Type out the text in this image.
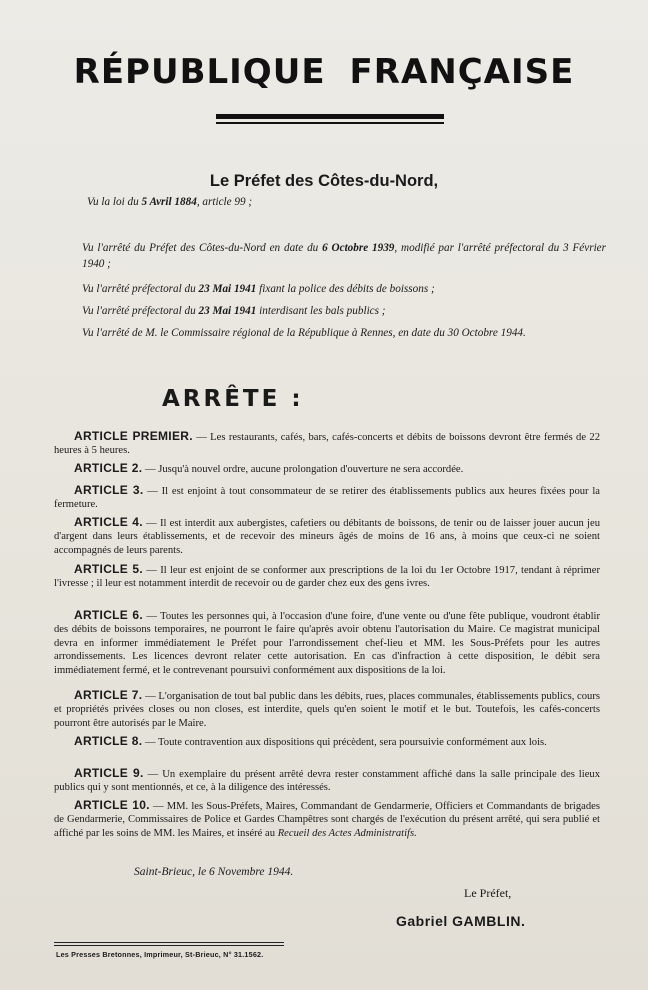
RÉPUBLIQUE FRANÇAISE
Le Préfet des Côtes-du-Nord,
Vu la loi du 5 Avril 1884, article 99 ;
Vu l'arrêté du Préfet des Côtes-du-Nord en date du 6 Octobre 1939, modifié par l'arrêté préfectoral du 3 Février 1940 ;
Vu l'arrêté préfectoral du 23 Mai 1941 fixant la police des débits de boissons ;
Vu l'arrêté préfectoral du 23 Mai 1941 interdisant les bals publics ;
Vu l'arrêté de M. le Commissaire régional de la République à Rennes, en date du 30 Octobre 1944.
ARRÊTE :
ARTICLE PREMIER. — Les restaurants, cafés, bars, cafés-concerts et débits de boissons devront être fermés de 22 heures à 5 heures.
ARTICLE 2. — Jusqu'à nouvel ordre, aucune prolongation d'ouverture ne sera accordée.
ARTICLE 3. — Il est enjoint à tout consommateur de se retirer des établissements publics aux heures fixées pour la fermeture.
ARTICLE 4. — Il est interdit aux aubergistes, cafetiers ou débitants de boissons, de tenir ou de laisser jouer aucun jeu d'argent dans leurs établissements, et de recevoir des mineurs âgés de moins de 16 ans, à moins que ceux-ci ne soient accompagnés de leurs parents.
ARTICLE 5. — Il leur est enjoint de se conformer aux prescriptions de la loi du 1er Octobre 1917, tendant à réprimer l'ivresse ; il leur est notamment interdit de recevoir ou de garder chez eux des gens ivres.
ARTICLE 6. — Toutes les personnes qui, à l'occasion d'une foire, d'une vente ou d'une fête publique, voudront établir des débits de boissons temporaires, ne pourront le faire qu'après avoir obtenu l'autorisation du Maire. Ce magistrat municipal devra en informer immédiatement le Préfet pour l'arrondissement chef-lieu et MM. les Sous-Préfets pour les autres arrondissements. Les licences devront relater cette autorisation. En cas d'infraction à cette disposition, le débit sera immédiatement fermé, et le contrevenant poursuivi conformément aux dispositions de la loi.
ARTICLE 7. — L'organisation de tout bal public dans les débits, rues, places communales, établissements publics, cours et propriétés privées closes ou non closes, est interdite, quels qu'en soient le motif et le but. Toutefois, les cafés-concerts pourront être autorisés par le Maire.
ARTICLE 8. — Toute contravention aux dispositions qui précèdent, sera poursuivie conformément aux lois.
ARTICLE 9. — Un exemplaire du présent arrêté devra rester constamment affiché dans la salle principale des lieux publics qui y sont mentionnés, et ce, à la diligence des intéressés.
ARTICLE 10. — MM. les Sous-Préfets, Maires, Commandant de Gendarmerie, Officiers et Commandants de brigades de Gendarmerie, Commissaires de Police et Gardes Champêtres sont chargés de l'exécution du présent arrêté, qui sera publié et affiché par les soins de MM. les Maires, et inséré au Recueil des Actes Administratifs.
Saint-Brieuc, le 6 Novembre 1944.
Le Préfet,
Gabriel GAMBLIN.
Les Presses Bretonnes, Imprimeur, St-Brieuc, N° 31.1562.
